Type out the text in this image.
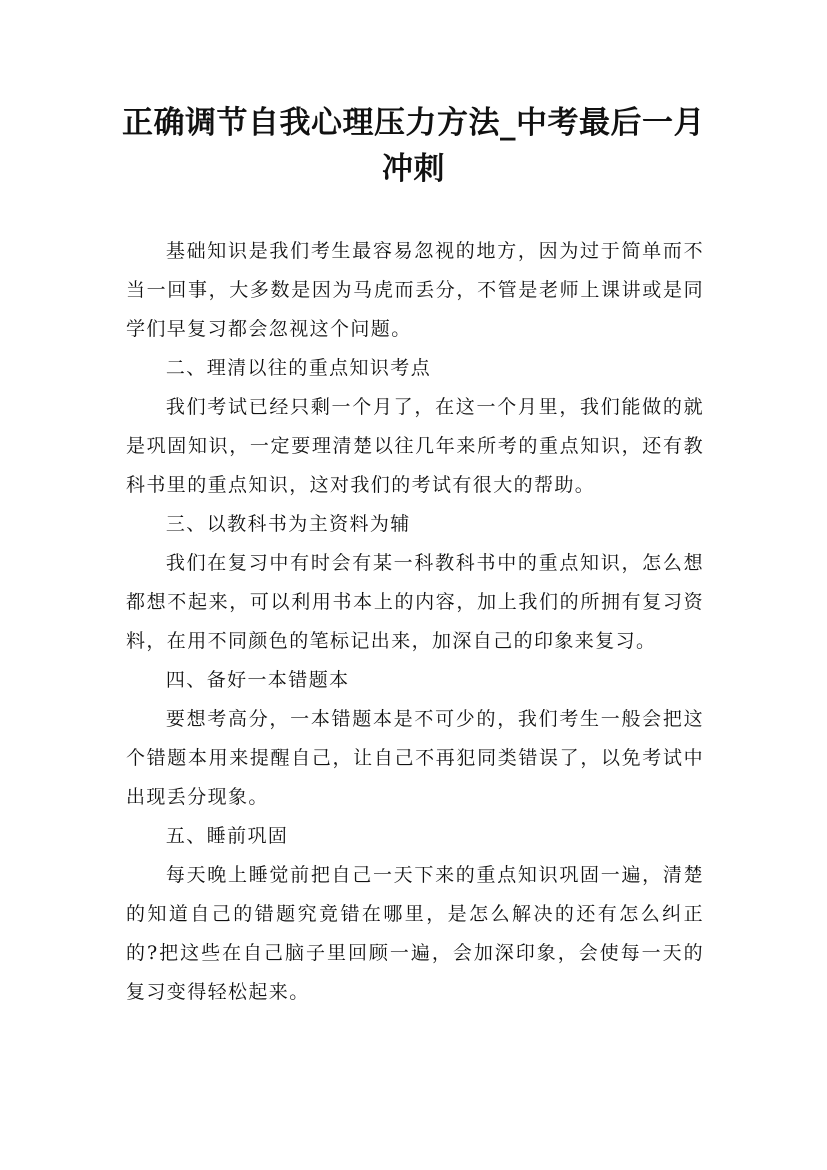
正确调节自我心理压力方法_中考最后一月冲刺

基础知识是我们考生最容易忽视的地方，因为过于简单而不当一回事，大多数是因为马虎而丢分，不管是老师上课讲或是同学们早复习都会忽视这个问题。

二、理清以往的重点知识考点

我们考试已经只剩一个月了，在这一个月里，我们能做的就是巩固知识，一定要理清楚以往几年来所考的重点知识，还有教科书里的重点知识，这对我们的考试有很大的帮助。

三、以教科书为主资料为辅

我们在复习中有时会有某一科教科书中的重点知识，怎么想都想不起来，可以利用书本上的内容，加上我们的所拥有复习资料，在用不同颜色的笔标记出来，加深自己的印象来复习。

四、备好一本错题本

要想考高分，一本错题本是不可少的，我们考生一般会把这个错题本用来提醒自己，让自己不再犯同类错误了，以免考试中出现丢分现象。

五、睡前巩固

每天晚上睡觉前把自己一天下来的重点知识巩固一遍，清楚的知道自己的错题究竟错在哪里，是怎么解决的还有怎么纠正的?把这些在自己脑子里回顾一遍，会加深印象，会使每一天的复习变得轻松起来。
